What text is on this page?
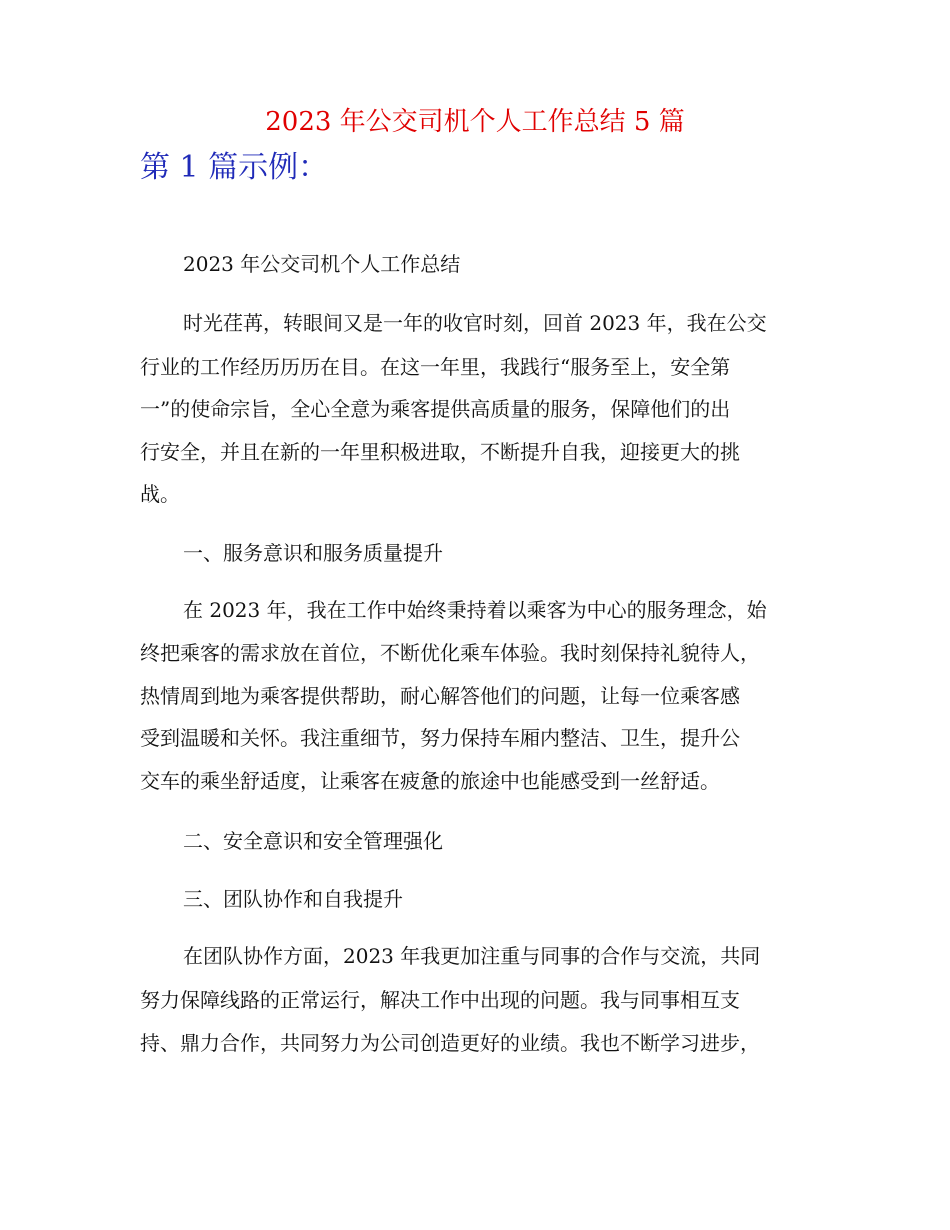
2023 年公交司机个人工作总结 5 篇
第 1 篇示例：
2023 年公交司机个人工作总结
时光荏苒，转眼间又是一年的收官时刻，回首 2023 年，我在公交
行业的工作经历历历在目。在这一年里，我践行“服务至上，安全第
一”的使命宗旨，全心全意为乘客提供高质量的服务，保障他们的出
行安全，并且在新的一年里积极进取，不断提升自我，迎接更大的挑
战。
一、服务意识和服务质量提升
在 2023 年，我在工作中始终秉持着以乘客为中心的服务理念，始
终把乘客的需求放在首位，不断优化乘车体验。我时刻保持礼貌待人，
热情周到地为乘客提供帮助，耐心解答他们的问题，让每一位乘客感
受到温暖和关怀。我注重细节，努力保持车厢内整洁、卫生，提升公
交车的乘坐舒适度，让乘客在疲惫的旅途中也能感受到一丝舒适。
二、安全意识和安全管理强化
三、团队协作和自我提升
在团队协作方面，2023 年我更加注重与同事的合作与交流，共同
努力保障线路的正常运行，解决工作中出现的问题。我与同事相互支
持、鼎力合作，共同努力为公司创造更好的业绩。我也不断学习进步，
